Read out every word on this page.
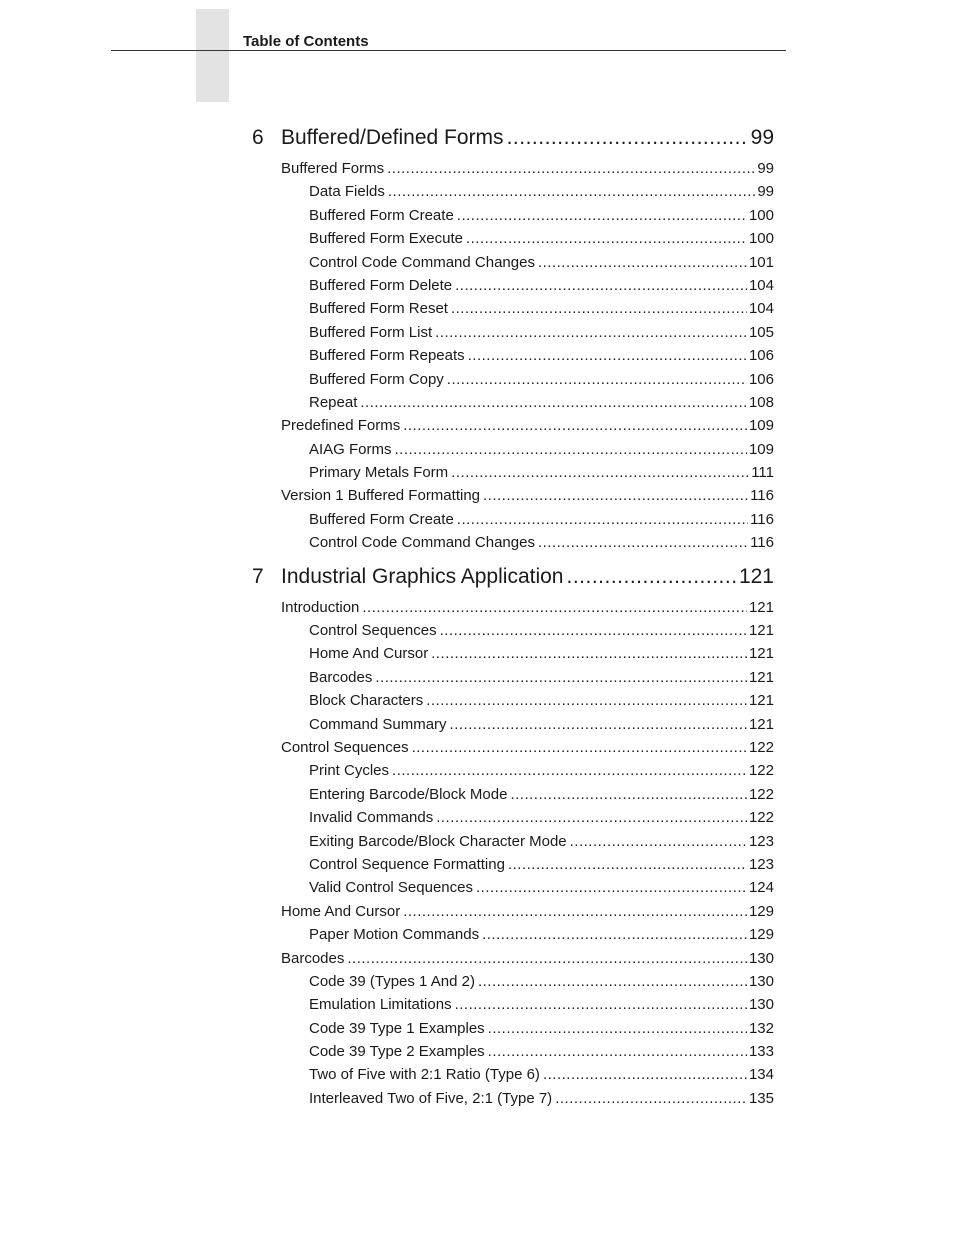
Table of Contents
6 Buffered/Defined Forms .....	99
Buffered Forms .....	99
Data Fields .....	99
Buffered Form Create .....	100
Buffered Form Execute .....	100
Control Code Command Changes .....	101
Buffered Form Delete .....	104
Buffered Form Reset .....	104
Buffered Form List .....	105
Buffered Form Repeats .....	106
Buffered Form Copy .....	106
Repeat .....	108
Predefined Forms .....	109
AIAG Forms .....	109
Primary Metals Form .....	111
Version 1 Buffered Formatting .....	116
Buffered Form Create .....	116
Control Code Command Changes .....	116
7 Industrial Graphics Application .....	121
Introduction .....	121
Control Sequences .....	121
Home And Cursor .....	121
Barcodes .....	121
Block Characters .....	121
Command Summary .....	121
Control Sequences .....	122
Print Cycles .....	122
Entering Barcode/Block Mode .....	122
Invalid Commands .....	122
Exiting Barcode/Block Character Mode .....	123
Control Sequence Formatting .....	123
Valid Control Sequences .....	124
Home And Cursor .....	129
Paper Motion Commands .....	129
Barcodes .....	130
Code 39 (Types 1 And 2) .....	130
Emulation Limitations .....	130
Code 39 Type 1 Examples .....	132
Code 39 Type 2 Examples .....	133
Two of Five with 2:1 Ratio (Type 6) .....	134
Interleaved Two of Five, 2:1 (Type 7) .....	135
